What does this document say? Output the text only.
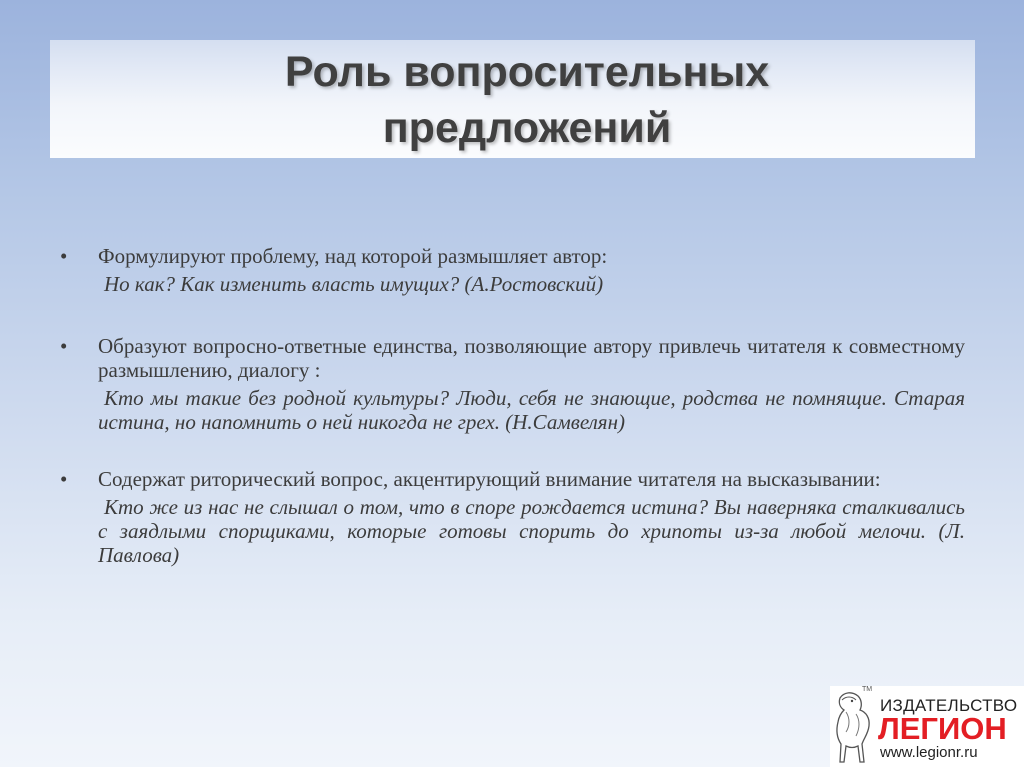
Роль вопросительных
предложений
•	Формулируют проблему, над которой размышляет автор:
Но как? Как изменить власть имущих? (А.Ростовский)
•	Образуют вопросно-ответные единства, позволяющие автору привлечь читателя к совместному размышлению, диалогу :
Кто мы такие без родной культуры? Люди, себя не знающие, родства не помнящие. Старая истина, но напомнить о ней никогда не грех. (Н.Самвелян)
•	Содержат риторический вопрос, акцентирующий внимание читателя на высказывании:
Кто же из нас не слышал о том, что в споре рождается истина? Вы наверняка сталкивались с заядлыми спорщиками, которые готовы спорить до хрипоты из-за любой мелочи. (Л. Павлова)
TM
ИЗДАТЕЛЬСТВО
ЛЕГИОН
www.legionr.ru
